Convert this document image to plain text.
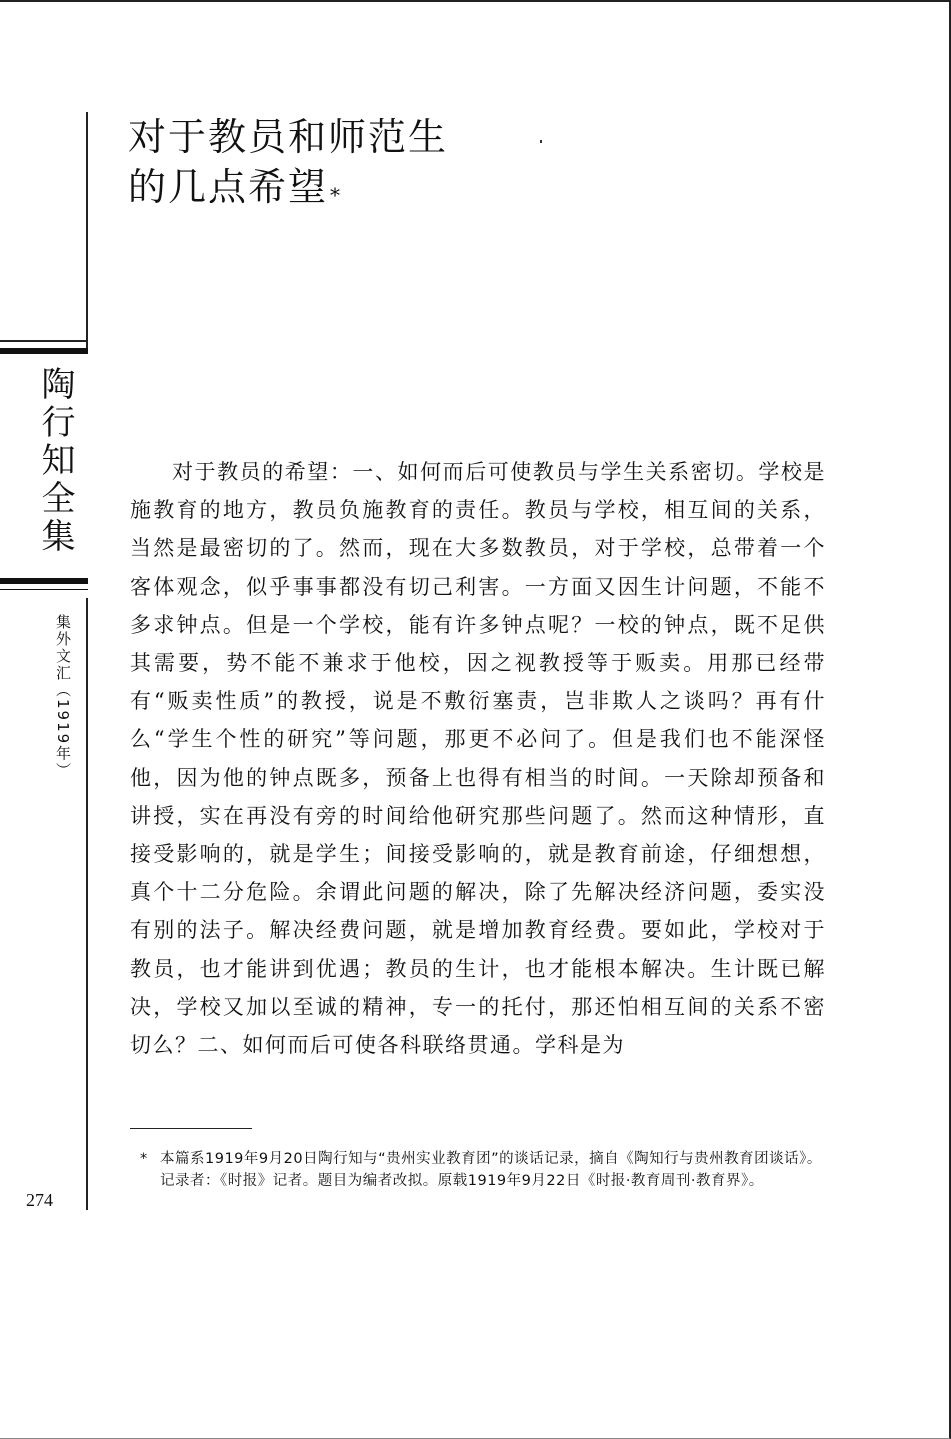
陶行知全集
集外文汇（1919年）
对于教员和师范生
的几点希望 *

对于教员的希望：一、如何而后可使教员与学生关系密切。学校是施教育的地方，教员负施教育的责任。教员与学校，相互间的关系，当然是最密切的了。然而，现在大多数教员，对于学校，总带着一个客体观念，似乎事事都没有切己利害。一方面又因生计问题，不能不多求钟点。但是一个学校，能有许多钟点呢？一校的钟点，既不足供其需要，势不能不兼求于他校，因之视教授等于贩卖。用那已经带有“贩卖性质”的教授，说是不敷衍塞责，岂非欺人之谈吗？再有什么“学生个性的研究”等问题，那更不必问了。但是我们也不能深怪他，因为他的钟点既多，预备上也得有相当的时间。一天除却预备和讲授，实在再没有旁的时间给他研究那些问题了。然而这种情形，直接受影响的，就是学生；间接受影响的，就是教育前途，仔细想想，真个十二分危险。余谓此问题的解决，除了先解决经济问题，委实没有别的法子。解决经费问题，就是增加教育经费。要如此，学校对于教员，也才能讲到优遇；教员的生计，也才能根本解决。生计既已解决，学校又加以至诚的精神，专一的托付，那还怕相互间的关系不密切么？二、如何而后可使各科联络贯通。学科是为

* 本篇系1919年9月20日陶行知与“贵州实业教育团”的谈话记录，摘自《陶知行与贵州教育团谈话》。记录者：《时报》记者。题目为编者改拟。原载1919年9月22日《时报·教育周刊·教育界》。
274
